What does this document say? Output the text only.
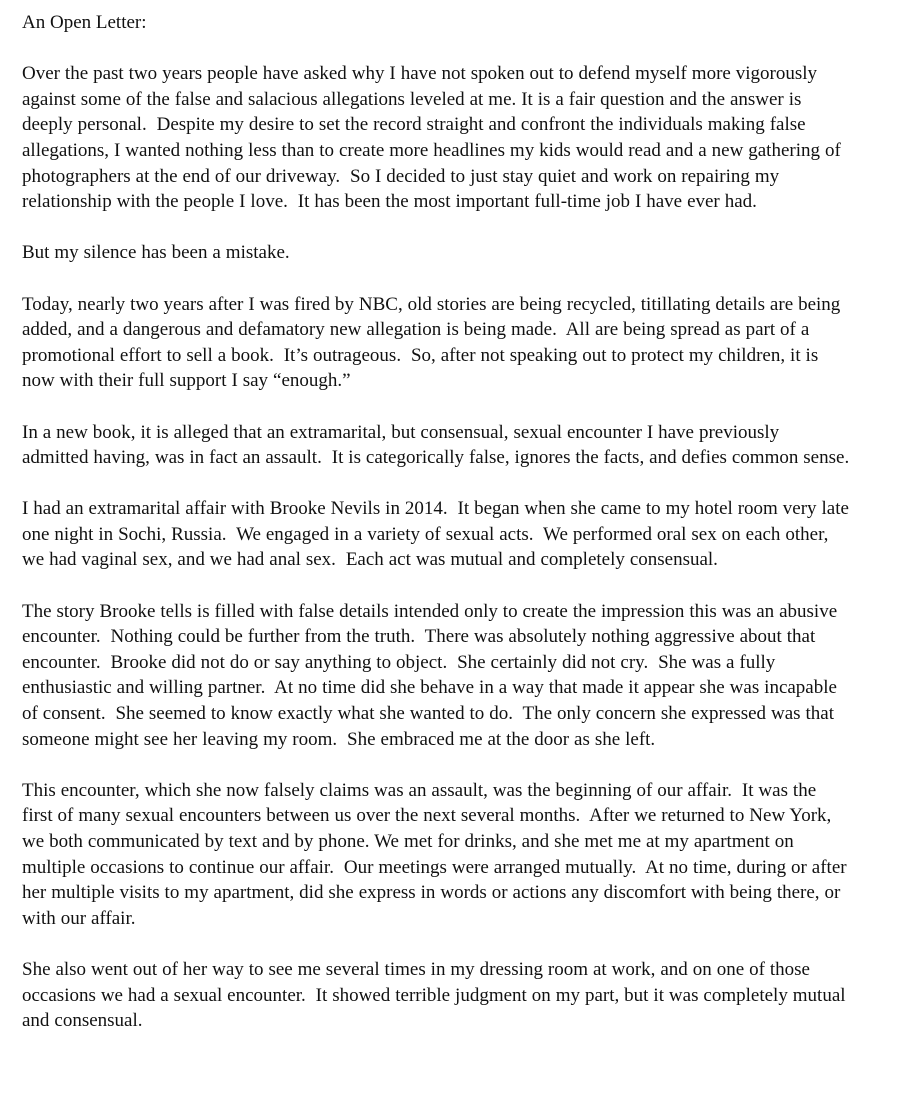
An Open Letter:

Over the past two years people have asked why I have not spoken out to defend myself more vigorously against some of the false and salacious allegations leveled at me. It is a fair question and the answer is deeply personal.  Despite my desire to set the record straight and confront the individuals making false allegations, I wanted nothing less than to create more headlines my kids would read and a new gathering of photographers at the end of our driveway.  So I decided to just stay quiet and work on repairing my relationship with the people I love.  It has been the most important full-time job I have ever had.

But my silence has been a mistake.

Today, nearly two years after I was fired by NBC, old stories are being recycled, titillating details are being added, and a dangerous and defamatory new allegation is being made.  All are being spread as part of a promotional effort to sell a book.  It’s outrageous.  So, after not speaking out to protect my children, it is now with their full support I say “enough.”

In a new book, it is alleged that an extramarital, but consensual, sexual encounter I have previously admitted having, was in fact an assault.  It is categorically false, ignores the facts, and defies common sense.

I had an extramarital affair with Brooke Nevils in 2014.  It began when she came to my hotel room very late one night in Sochi, Russia.  We engaged in a variety of sexual acts.  We performed oral sex on each other, we had vaginal sex, and we had anal sex.  Each act was mutual and completely consensual.

The story Brooke tells is filled with false details intended only to create the impression this was an abusive encounter.  Nothing could be further from the truth.  There was absolutely nothing aggressive about that encounter.  Brooke did not do or say anything to object.  She certainly did not cry.  She was a fully enthusiastic and willing partner.  At no time did she behave in a way that made it appear she was incapable of consent.  She seemed to know exactly what she wanted to do.  The only concern she expressed was that someone might see her leaving my room.  She embraced me at the door as she left.

This encounter, which she now falsely claims was an assault, was the beginning of our affair.  It was the first of many sexual encounters between us over the next several months.  After we returned to New York, we both communicated by text and by phone. We met for drinks, and she met me at my apartment on multiple occasions to continue our affair.  Our meetings were arranged mutually.  At no time, during or after her multiple visits to my apartment, did she express in words or actions any discomfort with being there, or with our affair.

She also went out of her way to see me several times in my dressing room at work, and on one of those occasions we had a sexual encounter.  It showed terrible judgment on my part, but it was completely mutual and consensual.
